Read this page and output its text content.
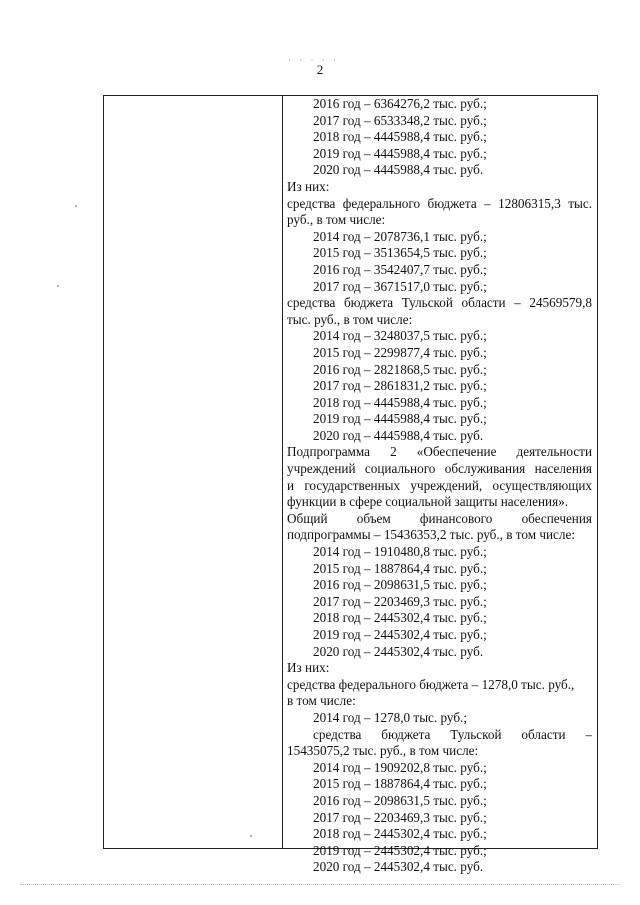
· · · · ·
2
2016 год – 6364276,2 тыс. руб.;
2017 год – 6533348,2 тыс. руб.;
2018 год – 4445988,4 тыс. руб.;
2019 год – 4445988,4 тыс. руб.;
2020 год – 4445988,4 тыс. руб.
Из них:
средства федерального бюджета – 12806315,3 тыс.
руб., в том числе:
2014 год – 2078736,1 тыс. руб.;
2015 год – 3513654,5 тыс. руб.;
2016 год – 3542407,7 тыс. руб.;
2017 год – 3671517,0 тыс. руб.;
средства бюджета Тульской области – 24569579,8
тыс. руб., в том числе:
2014 год – 3248037,5 тыс. руб.;
2015 год – 2299877,4 тыс. руб.;
2016 год – 2821868,5 тыс. руб.;
2017 год – 2861831,2 тыс. руб.;
2018 год – 4445988,4 тыс. руб.;
2019 год – 4445988,4 тыс. руб.;
2020 год – 4445988,4 тыс. руб.
Подпрограмма 2 «Обеспечение деятельности
учреждений социального обслуживания населения
и государственных учреждений, осуществляющих
функции в сфере социальной защиты населения».
Общий объем финансового обеспечения
подпрограммы – 15436353,2 тыс. руб., в том числе:
2014 год – 1910480,8 тыс. руб.;
2015 год – 1887864,4 тыс. руб.;
2016 год – 2098631,5 тыс. руб.;
2017 год – 2203469,3 тыс. руб.;
2018 год – 2445302,4 тыс. руб.;
2019 год – 2445302,4 тыс. руб.;
2020 год – 2445302,4 тыс. руб.
Из них:
средства федерального бюджета – 1278,0 тыс. руб.,
в том числе:
2014 год – 1278,0 тыс. руб.;
средства бюджета Тульской области –
15435075,2 тыс. руб., в том числе:
2014 год – 1909202,8 тыс. руб.;
2015 год – 1887864,4 тыс. руб.;
2016 год – 2098631,5 тыс. руб.;
2017 год – 2203469,3 тыс. руб.;
2018 год – 2445302,4 тыс. руб.;
2019 год – 2445302,4 тыс. руб.;
2020 год – 2445302,4 тыс. руб.
